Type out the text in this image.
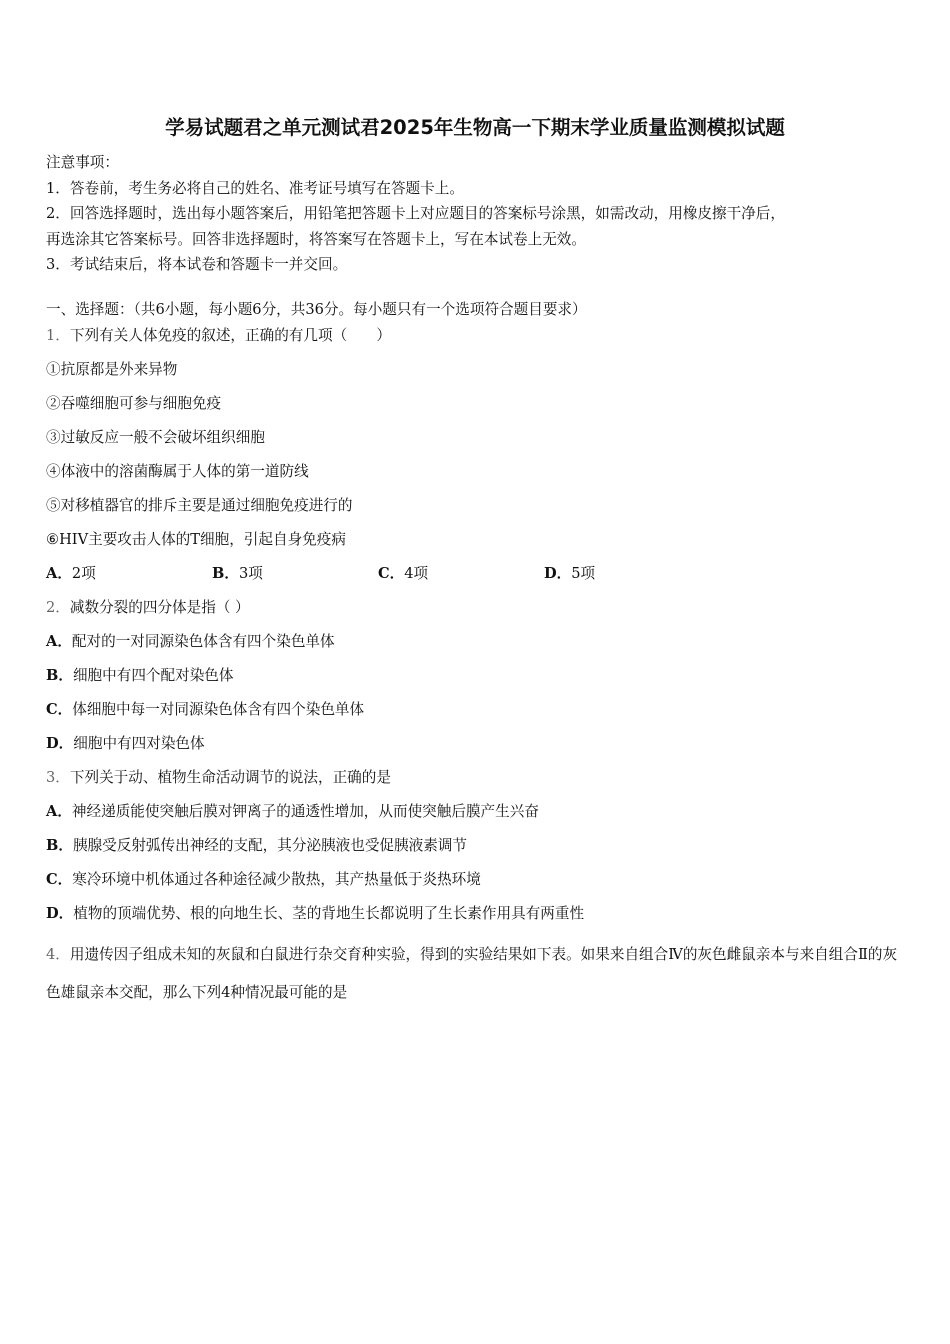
学易试题君之单元测试君2025年生物高一下期末学业质量监测模拟试题
注意事项：
1．答卷前，考生务必将自己的姓名、准考证号填写在答题卡上。
2．回答选择题时，选出每小题答案后，用铅笔把答题卡上对应题目的答案标号涂黑，如需改动，用橡皮擦干净后，
再选涂其它答案标号。回答非选择题时，将答案写在答题卡上，写在本试卷上无效。
3．考试结束后，将本试卷和答题卡一并交回。
一、选择题：（共6小题，每小题6分，共36分。每小题只有一个选项符合题目要求）
1．下列有关人体免疫的叙述，正确的有几项（　　）
①抗原都是外来异物
②吞噬细胞可参与细胞免疫
③过敏反应一般不会破坏组织细胞
④体液中的溶菌酶属于人体的第一道防线
⑤对移植器官的排斥主要是通过细胞免疫进行的
⑥HIV主要攻击人体的T细胞，引起自身免疫病
A．2项	B．3项	C．4项	D．5项
2．减数分裂的四分体是指（ ）
A．配对的一对同源染色体含有四个染色单体
B．细胞中有四个配对染色体
C．体细胞中每一对同源染色体含有四个染色单体
D．细胞中有四对染色体
3．下列关于动、植物生命活动调节的说法，正确的是
A．神经递质能使突触后膜对钾离子的通透性增加，从而使突触后膜产生兴奋
B．胰腺受反射弧传出神经的支配，其分泌胰液也受促胰液素调节
C．寒冷环境中机体通过各种途径减少散热，其产热量低于炎热环境
D．植物的顶端优势、根的向地生长、茎的背地生长都说明了生长素作用具有两重性
4．用遗传因子组成未知的灰鼠和白鼠进行杂交育种实验，得到的实验结果如下表。如果来自组合Ⅳ的灰色雌鼠亲本与来自组合Ⅱ的灰色雄鼠亲本交配，那么下列4种情况最可能的是
